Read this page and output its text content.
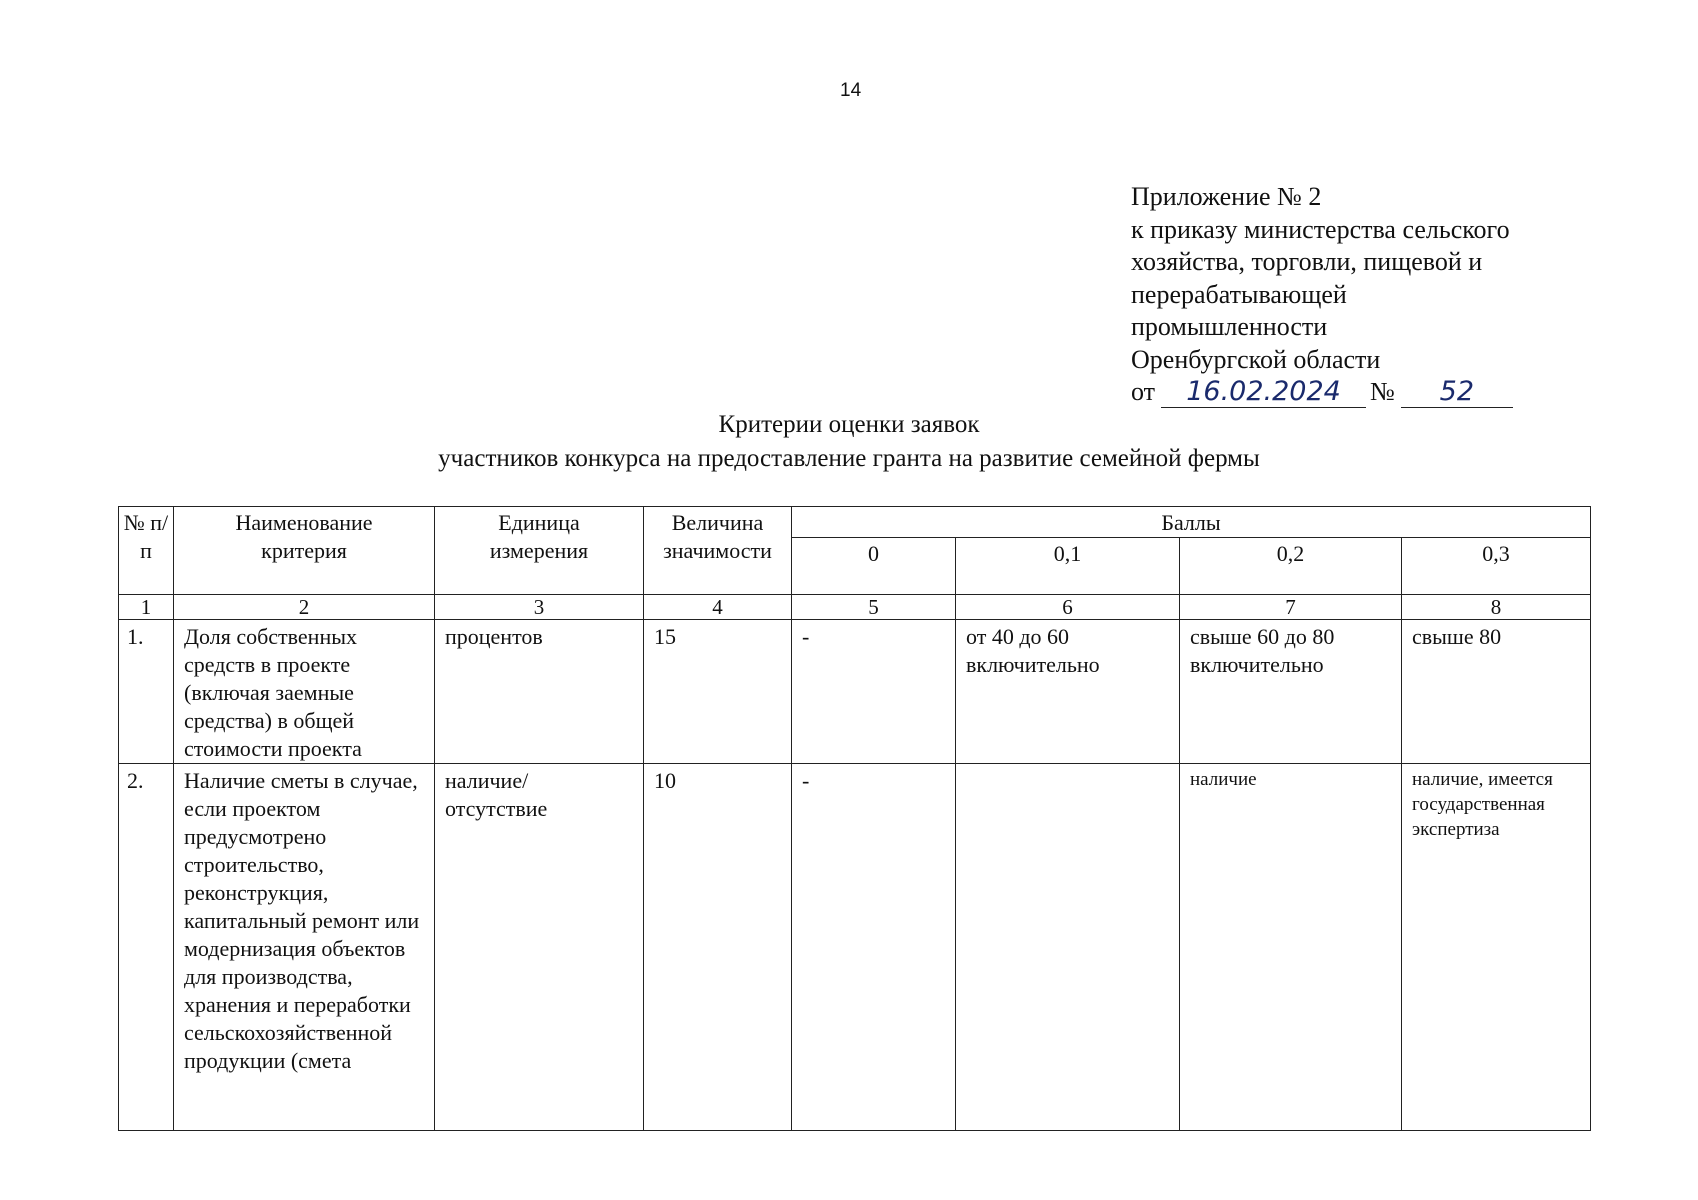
14
Приложение № 2
к приказу министерства сельского
хозяйства, торговли, пищевой и
перерабатывающей
промышленности
Оренбургской области
от	16.02.2024	№	52
Критерии оценки заявок
участников конкурса на предоставление гранта на развитие семейной фермы
№ п/п	Наименование критерия	Единица измерения	Величина значимости	Баллы			
				0	0,1	0,2	0,3
1	2	3	4	5	6	7	8
1.	Доля собственных средств в проекте (включая заемные средства) в общей стоимости проекта	процентов	15	-	от 40 до 60 включительно	свыше 60 до 80 включительно	свыше 80
2.	Наличие сметы в случае, если проектом предусмотрено строительство, реконструкция, капитальный ремонт или модернизация объектов для производства, хранения и переработки сельскохозяйственной продукции (смета	наличие/ отсутствие	10	-		наличие	наличие, имеется государственная экспертиза
